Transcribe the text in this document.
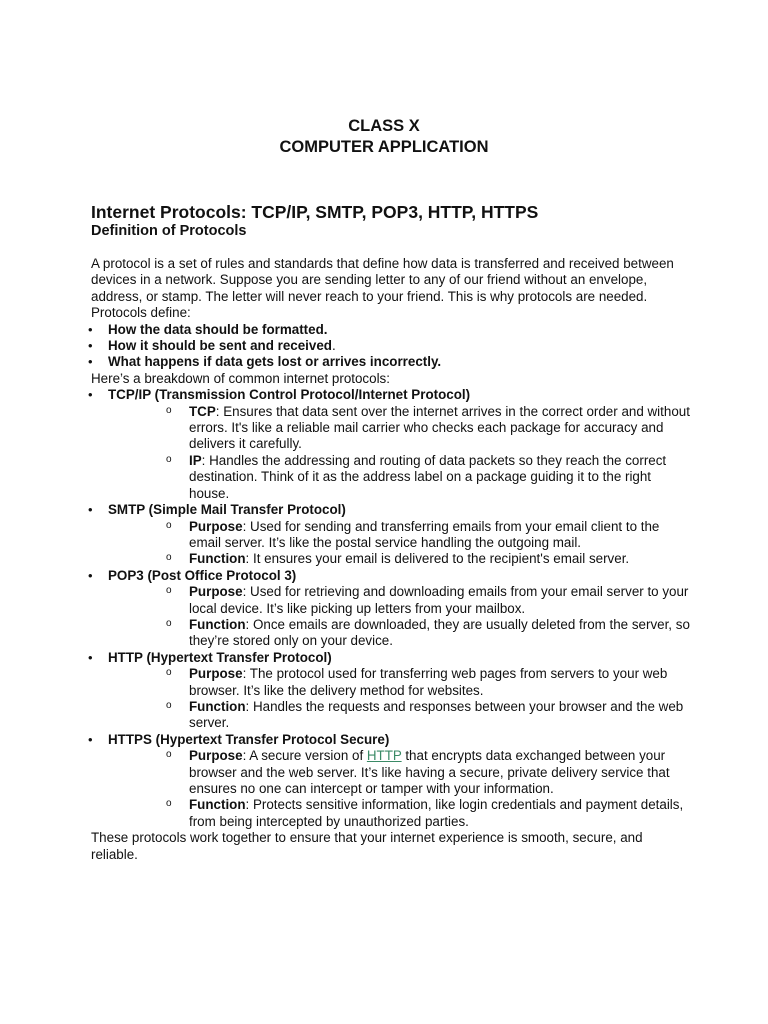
CLASS X
COMPUTER APPLICATION
Internet Protocols: TCP/IP, SMTP, POP3, HTTP, HTTPS
Definition of Protocols

A protocol is a set of rules and standards that define how data is transferred and received between devices in a network. Suppose you are sending letter to any of our friend without an envelope, address, or stamp. The letter will never reach to your friend. This is why protocols are needed.

Protocols define:

• How the data should be formatted.
• How it should be sent and received.
• What happens if data gets lost or arrives incorrectly.

Here’s a breakdown of common internet protocols:

• TCP/IP (Transmission Control Protocol/Internet Protocol)
o TCP: Ensures that data sent over the internet arrives in the correct order and without errors. It's like a reliable mail carrier who checks each package for accuracy and delivers it carefully.
o IP: Handles the addressing and routing of data packets so they reach the correct destination. Think of it as the address label on a package guiding it to the right house.
• SMTP (Simple Mail Transfer Protocol)
o Purpose: Used for sending and transferring emails from your email client to the email server. It’s like the postal service handling the outgoing mail.
o Function: It ensures your email is delivered to the recipient's email server.
• POP3 (Post Office Protocol 3)
o Purpose: Used for retrieving and downloading emails from your email server to your local device. It’s like picking up letters from your mailbox.
o Function: Once emails are downloaded, they are usually deleted from the server, so they’re stored only on your device.
• HTTP (Hypertext Transfer Protocol)
o Purpose: The protocol used for transferring web pages from servers to your web browser. It’s like the delivery method for websites.
o Function: Handles the requests and responses between your browser and the web server.
• HTTPS (Hypertext Transfer Protocol Secure)
o Purpose: A secure version of HTTP that encrypts data exchanged between your browser and the web server. It’s like having a secure, private delivery service that ensures no one can intercept or tamper with your information.
o Function: Protects sensitive information, like login credentials and payment details, from being intercepted by unauthorized parties.

These protocols work together to ensure that your internet experience is smooth, secure, and reliable.
